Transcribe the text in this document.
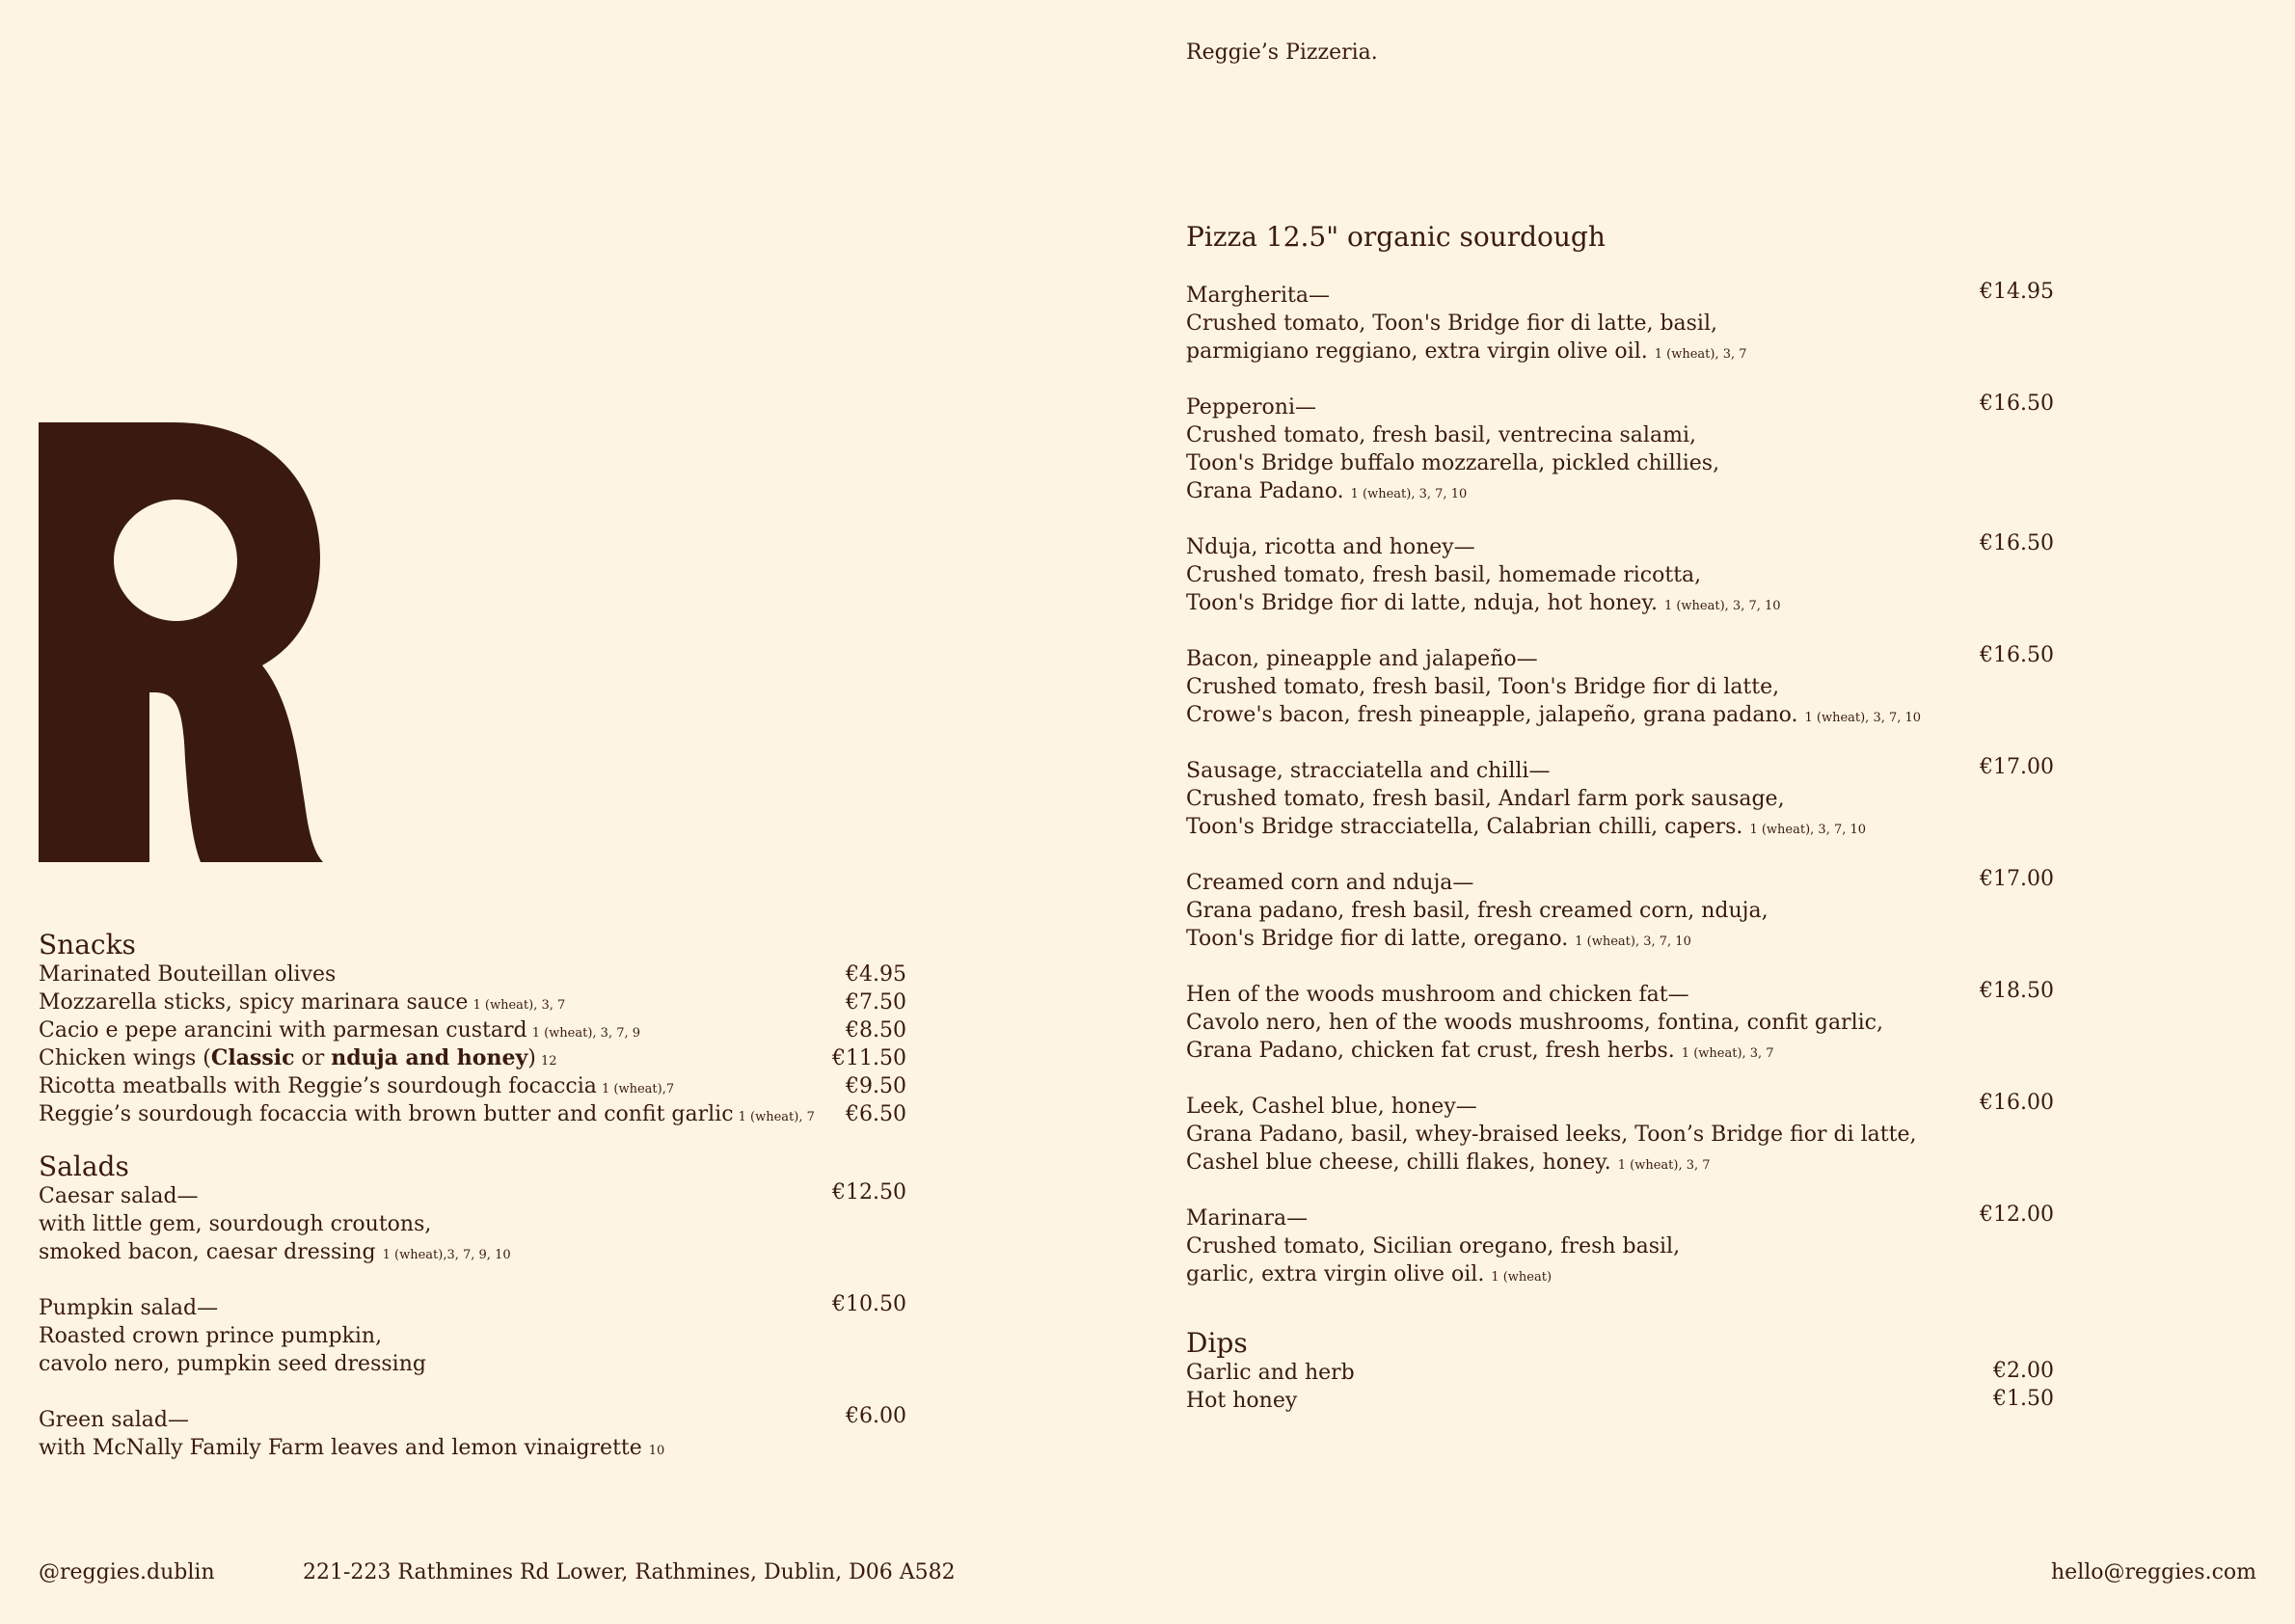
Reggie’s Pizzeria.
Snacks
Marinated Bouteillan olives	€4.95
Mozzarella sticks, spicy marinara sauce 1 (wheat), 3, 7	€7.50
Cacio e pepe arancini with parmesan custard 1 (wheat), 3, 7, 9	€8.50
Chicken wings (Classic or nduja and honey) 12	€11.50
Ricotta meatballs with Reggie’s sourdough focaccia 1 (wheat),7	€9.50
Reggie’s sourdough focaccia with brown butter and confit garlic 1 (wheat), 7 €6.50
Salads
Caesar salad—
with little gem, sourdough croutons,
smoked bacon, caesar dressing 1 (wheat),3, 7, 9, 10
€12.50
Pumpkin salad—
Roasted crown prince pumpkin,
cavolo nero, pumpkin seed dressing
€10.50
Green salad—
with McNally Family Farm leaves and lemon vinaigrette 10
€6.00
Pizza 12.5" organic sourdough
Margherita—
Crushed tomato, Toon's Bridge fior di latte, basil,
parmigiano reggiano, extra virgin olive oil. 1 (wheat), 3, 7
€14.95
Pepperoni—
Crushed tomato, fresh basil, ventrecina salami,
Toon's Bridge buffalo mozzarella, pickled chillies,
Grana Padano. 1 (wheat), 3, 7, 10
€16.50
Nduja, ricotta and honey—
Crushed tomato, fresh basil, homemade ricotta,
Toon's Bridge fior di latte, nduja, hot honey. 1 (wheat), 3, 7, 10
€16.50
Bacon, pineapple and jalapeño—
Crushed tomato, fresh basil, Toon's Bridge fior di latte,
Crowe's bacon, fresh pineapple, jalapeño, grana padano. 1 (wheat), 3, 7, 10
€16.50
Sausage, stracciatella and chilli—
Crushed tomato, fresh basil, Andarl farm pork sausage,
Toon's Bridge stracciatella, Calabrian chilli, capers. 1 (wheat), 3, 7, 10
€17.00
Creamed corn and nduja—
Grana padano, fresh basil, fresh creamed corn, nduja,
Toon's Bridge fior di latte, oregano. 1 (wheat), 3, 7, 10
€17.00
Hen of the woods mushroom and chicken fat—
Cavolo nero, hen of the woods mushrooms, fontina, confit garlic,
Grana Padano, chicken fat crust, fresh herbs. 1 (wheat), 3, 7
€18.50
Leek, Cashel blue, honey—
Grana Padano, basil, whey-braised leeks, Toon’s Bridge fior di latte,
Cashel blue cheese, chilli flakes, honey. 1 (wheat), 3, 7
€16.00
Marinara—
Crushed tomato, Sicilian oregano, fresh basil,
garlic, extra virgin olive oil. 1 (wheat)
€12.00
Dips
Garlic and herb	€2.00
Hot honey	€1.50
@reggies.dublin	221-223 Rathmines Rd Lower, Rathmines, Dublin, D06 A582	hello@reggies.com
